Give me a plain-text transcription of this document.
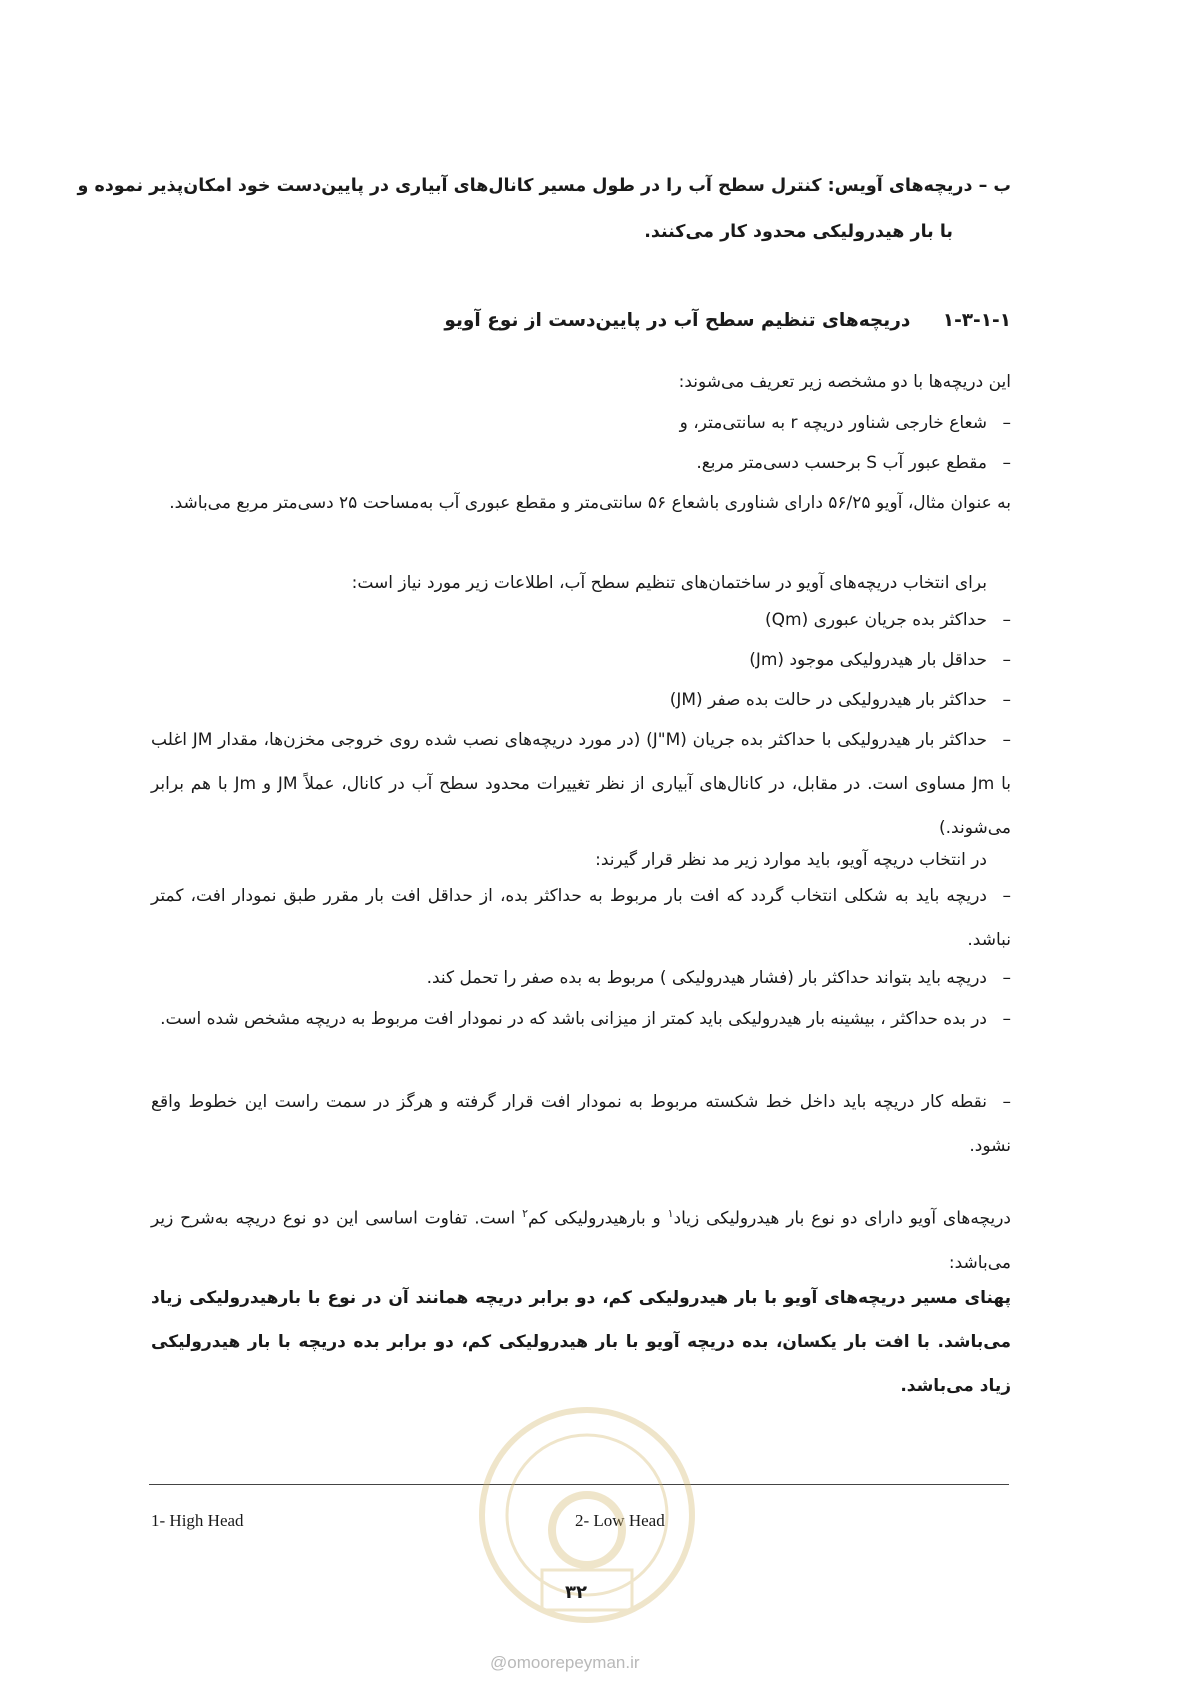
ب – دریچه‌های آویس: کنترل سطح آب را در طول مسیر کانال‌های آبیاری در پایین‌دست خود امکان‌پذیر نموده و
با بار هیدرولیکی محدود کار می‌کنند.
۱-۳-۱-۱ دریچه‌های تنظیم سطح آب در پایین‌دست از نوع آویو
این دریچه‌ها با دو مشخصه زیر تعریف می‌شوند:
–شعاع خارجی شناور دریچه r به سانتی‌متر، و
–مقطع عبور آب S برحسب دسی‌متر مربع.
به عنوان مثال، آویو ۵۶/۲۵ دارای شناوری باشعاع ۵۶ سانتی‌متر و مقطع عبوری آب به‌مساحت ۲۵ دسی‌متر مربع می‌باشد.
برای انتخاب دریچه‌های آویو در ساختمان‌های تنظیم سطح آب، اطلاعات زیر مورد نیاز است:
–حداکثر بده جریان عبوری (Qm)
–حداقل بار هیدرولیکی موجود (Jm)
–حداکثر بار هیدرولیکی در حالت بده صفر (JM)
–حداکثر بار هیدرولیکی با حداکثر بده جریان (J"M) (در مورد دریچه‌های نصب شده روی خروجی مخزن‌ها، مقدار JM اغلب با Jm مساوی است. در مقابل، در کانال‌های آبیاری از نظر تغییرات محدود سطح آب در کانال، عملاً JM و Jm با هم برابر می‌شوند.)
در انتخاب دریچه آویو، باید موارد زیر مد نظر قرار گیرند:
–دریچه باید به شکلی انتخاب گردد که افت بار مربوط به حداکثر بده، از حداقل افت بار مقرر طبق نمودار افت، کمتر نباشد.
–دریچه باید بتواند حداکثر بار (فشار هیدرولیکی ) مربوط به بده صفر را تحمل کند.
–در بده حداکثر ، بیشینه بار هیدرولیکی باید کمتر از میزانی باشد که در نمودار افت مربوط به دریچه مشخص شده است.
–نقطه کار دریچه باید داخل خط شکسته مربوط به نمودار افت قرار گرفته و هرگز در سمت راست این خطوط واقع نشود.
دریچه‌های آویو دارای دو نوع بار هیدرولیکی زیاد$^۱$ و بارهیدرولیکی کم$^۲$ است. تفاوت اساسی این دو نوع دریچه به‌شرح زیر می‌باشد:
پهنای مسیر دریچه‌های آویو با بار هیدرولیکی کم، دو برابر دریچه همانند آن در نوع با بارهیدرولیکی زیاد می‌باشد. با افت بار یکسان، بده دریچه آویو با بار هیدرولیکی کم، دو برابر بده دریچه با بار هیدرولیکی زیاد می‌باشد.
1- High Head	2- Low Head
۳۲
@omoorepeyman.ir
